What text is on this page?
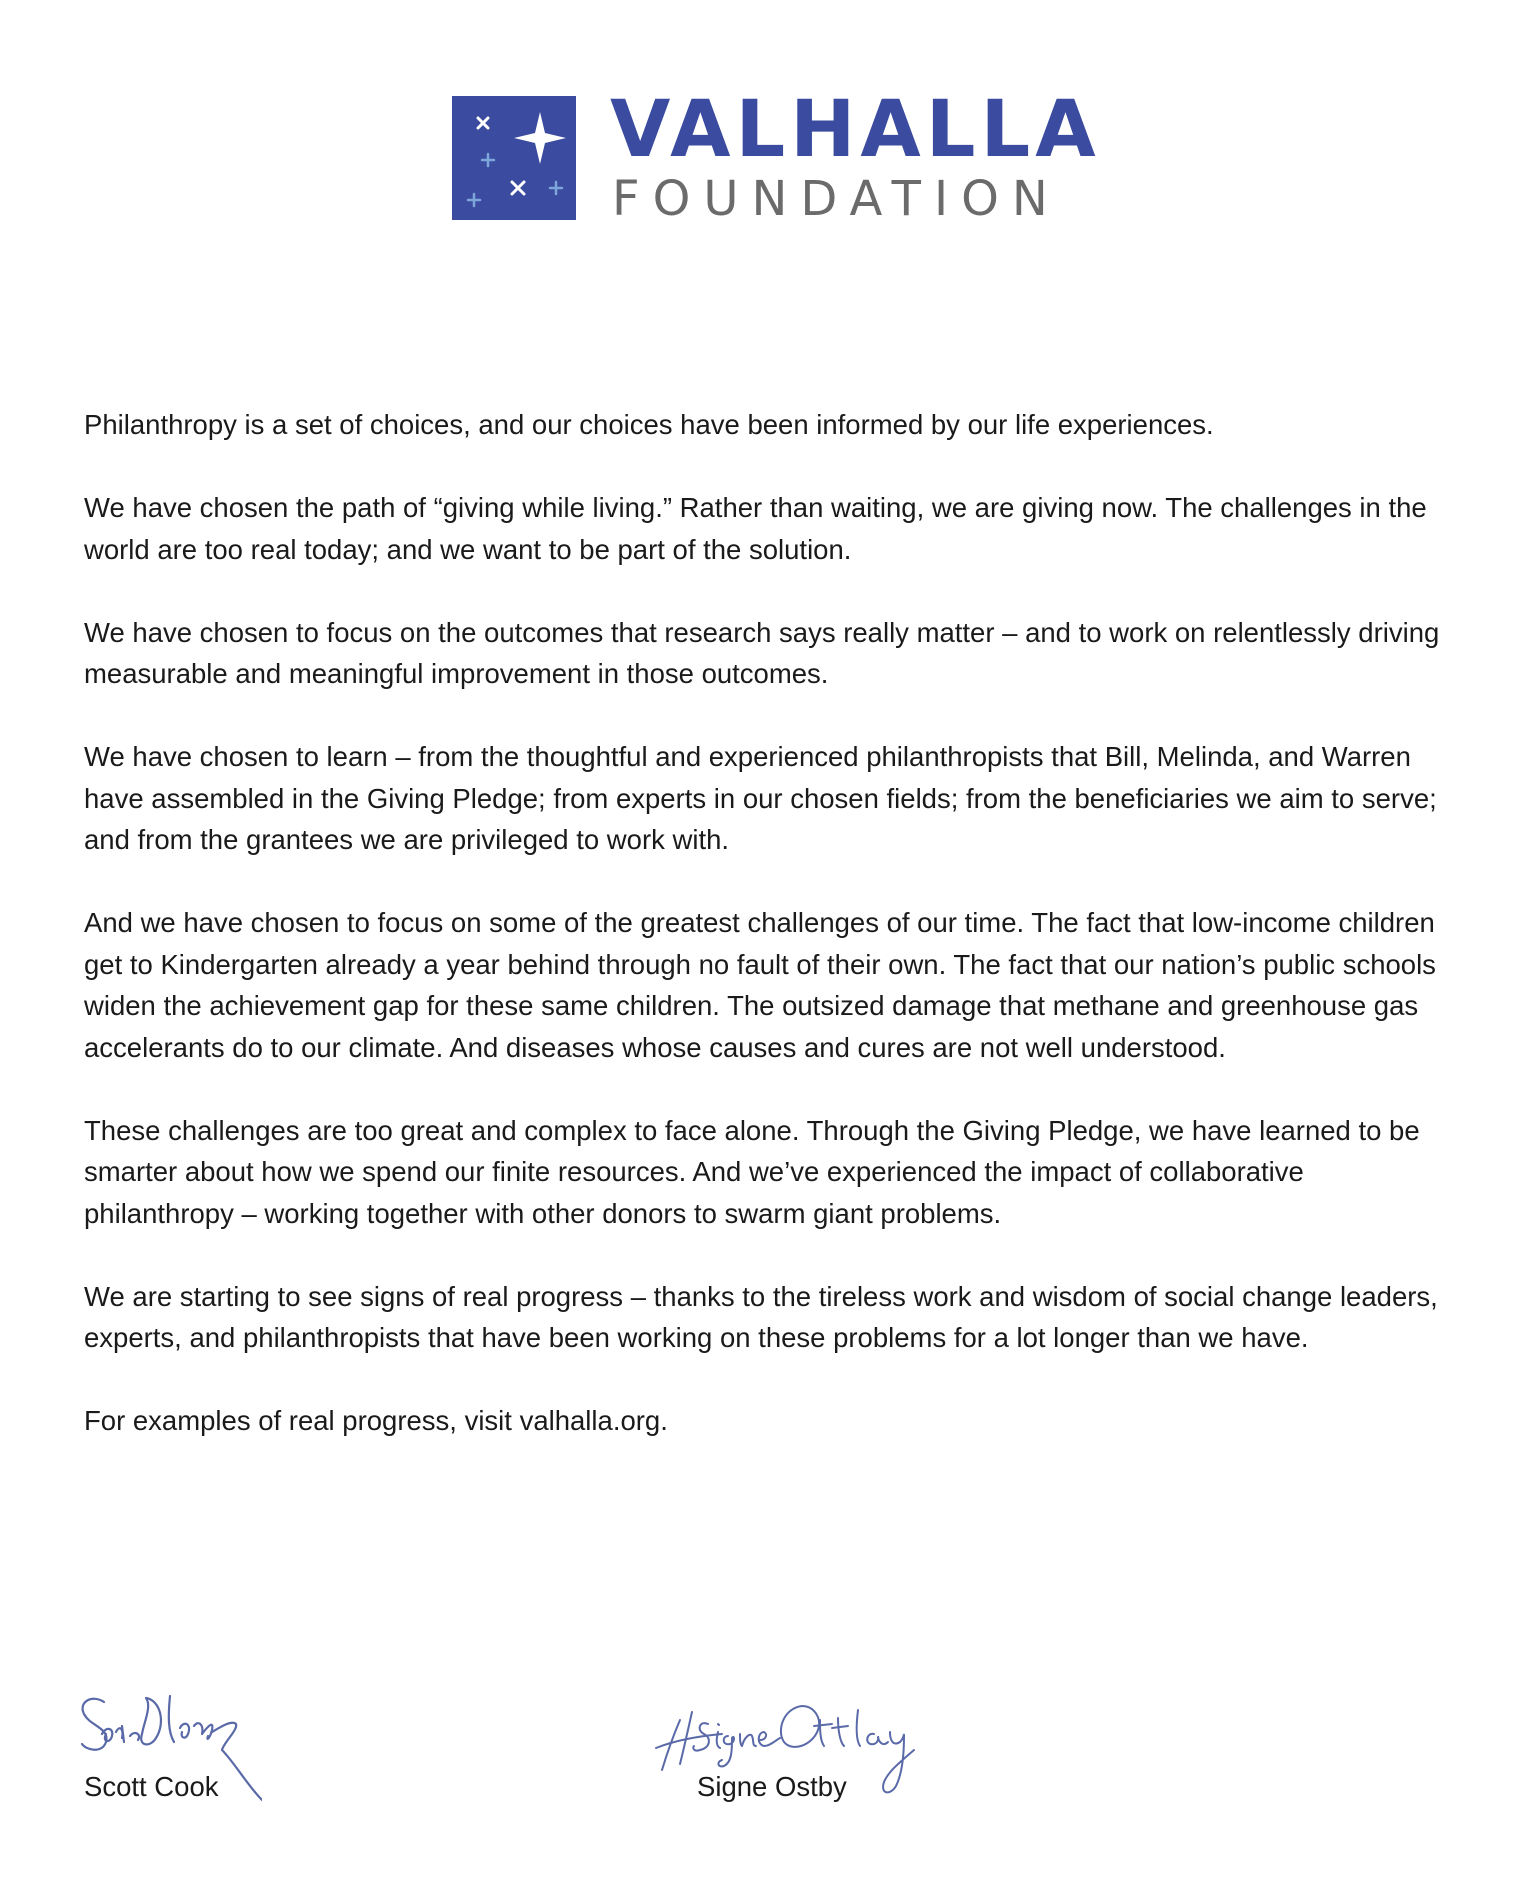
VALHALLA
FOUNDATION

Philanthropy is a set of choices, and our choices have been informed by our life experiences.

We have chosen the path of “giving while living.” Rather than waiting, we are giving now. The challenges in the world are too real today; and we want to be part of the solution.

We have chosen to focus on the outcomes that research says really matter – and to work on relentlessly driving measurable and meaningful improvement in those outcomes.

We have chosen to learn – from the thoughtful and experienced philanthropists that Bill, Melinda, and Warren have assembled in the Giving Pledge; from experts in our chosen fields; from the beneficiaries we aim to serve; and from the grantees we are privileged to work with.

And we have chosen to focus on some of the greatest challenges of our time. The fact that low-income children get to Kindergarten already a year behind through no fault of their own. The fact that our nation’s public schools widen the achievement gap for these same children. The outsized damage that methane and greenhouse gas accelerants do to our climate. And diseases whose causes and cures are not well understood.

These challenges are too great and complex to face alone. Through the Giving Pledge, we have learned to be smarter about how we spend our finite resources. And we’ve experienced the impact of collaborative philanthropy – working together with other donors to swarm giant problems.

We are starting to see signs of real progress – thanks to the tireless work and wisdom of social change leaders, experts, and philanthropists that have been working on these problems for a lot longer than we have.

For examples of real progress, visit valhalla.org.

Scott Cook	Signe Ostby
